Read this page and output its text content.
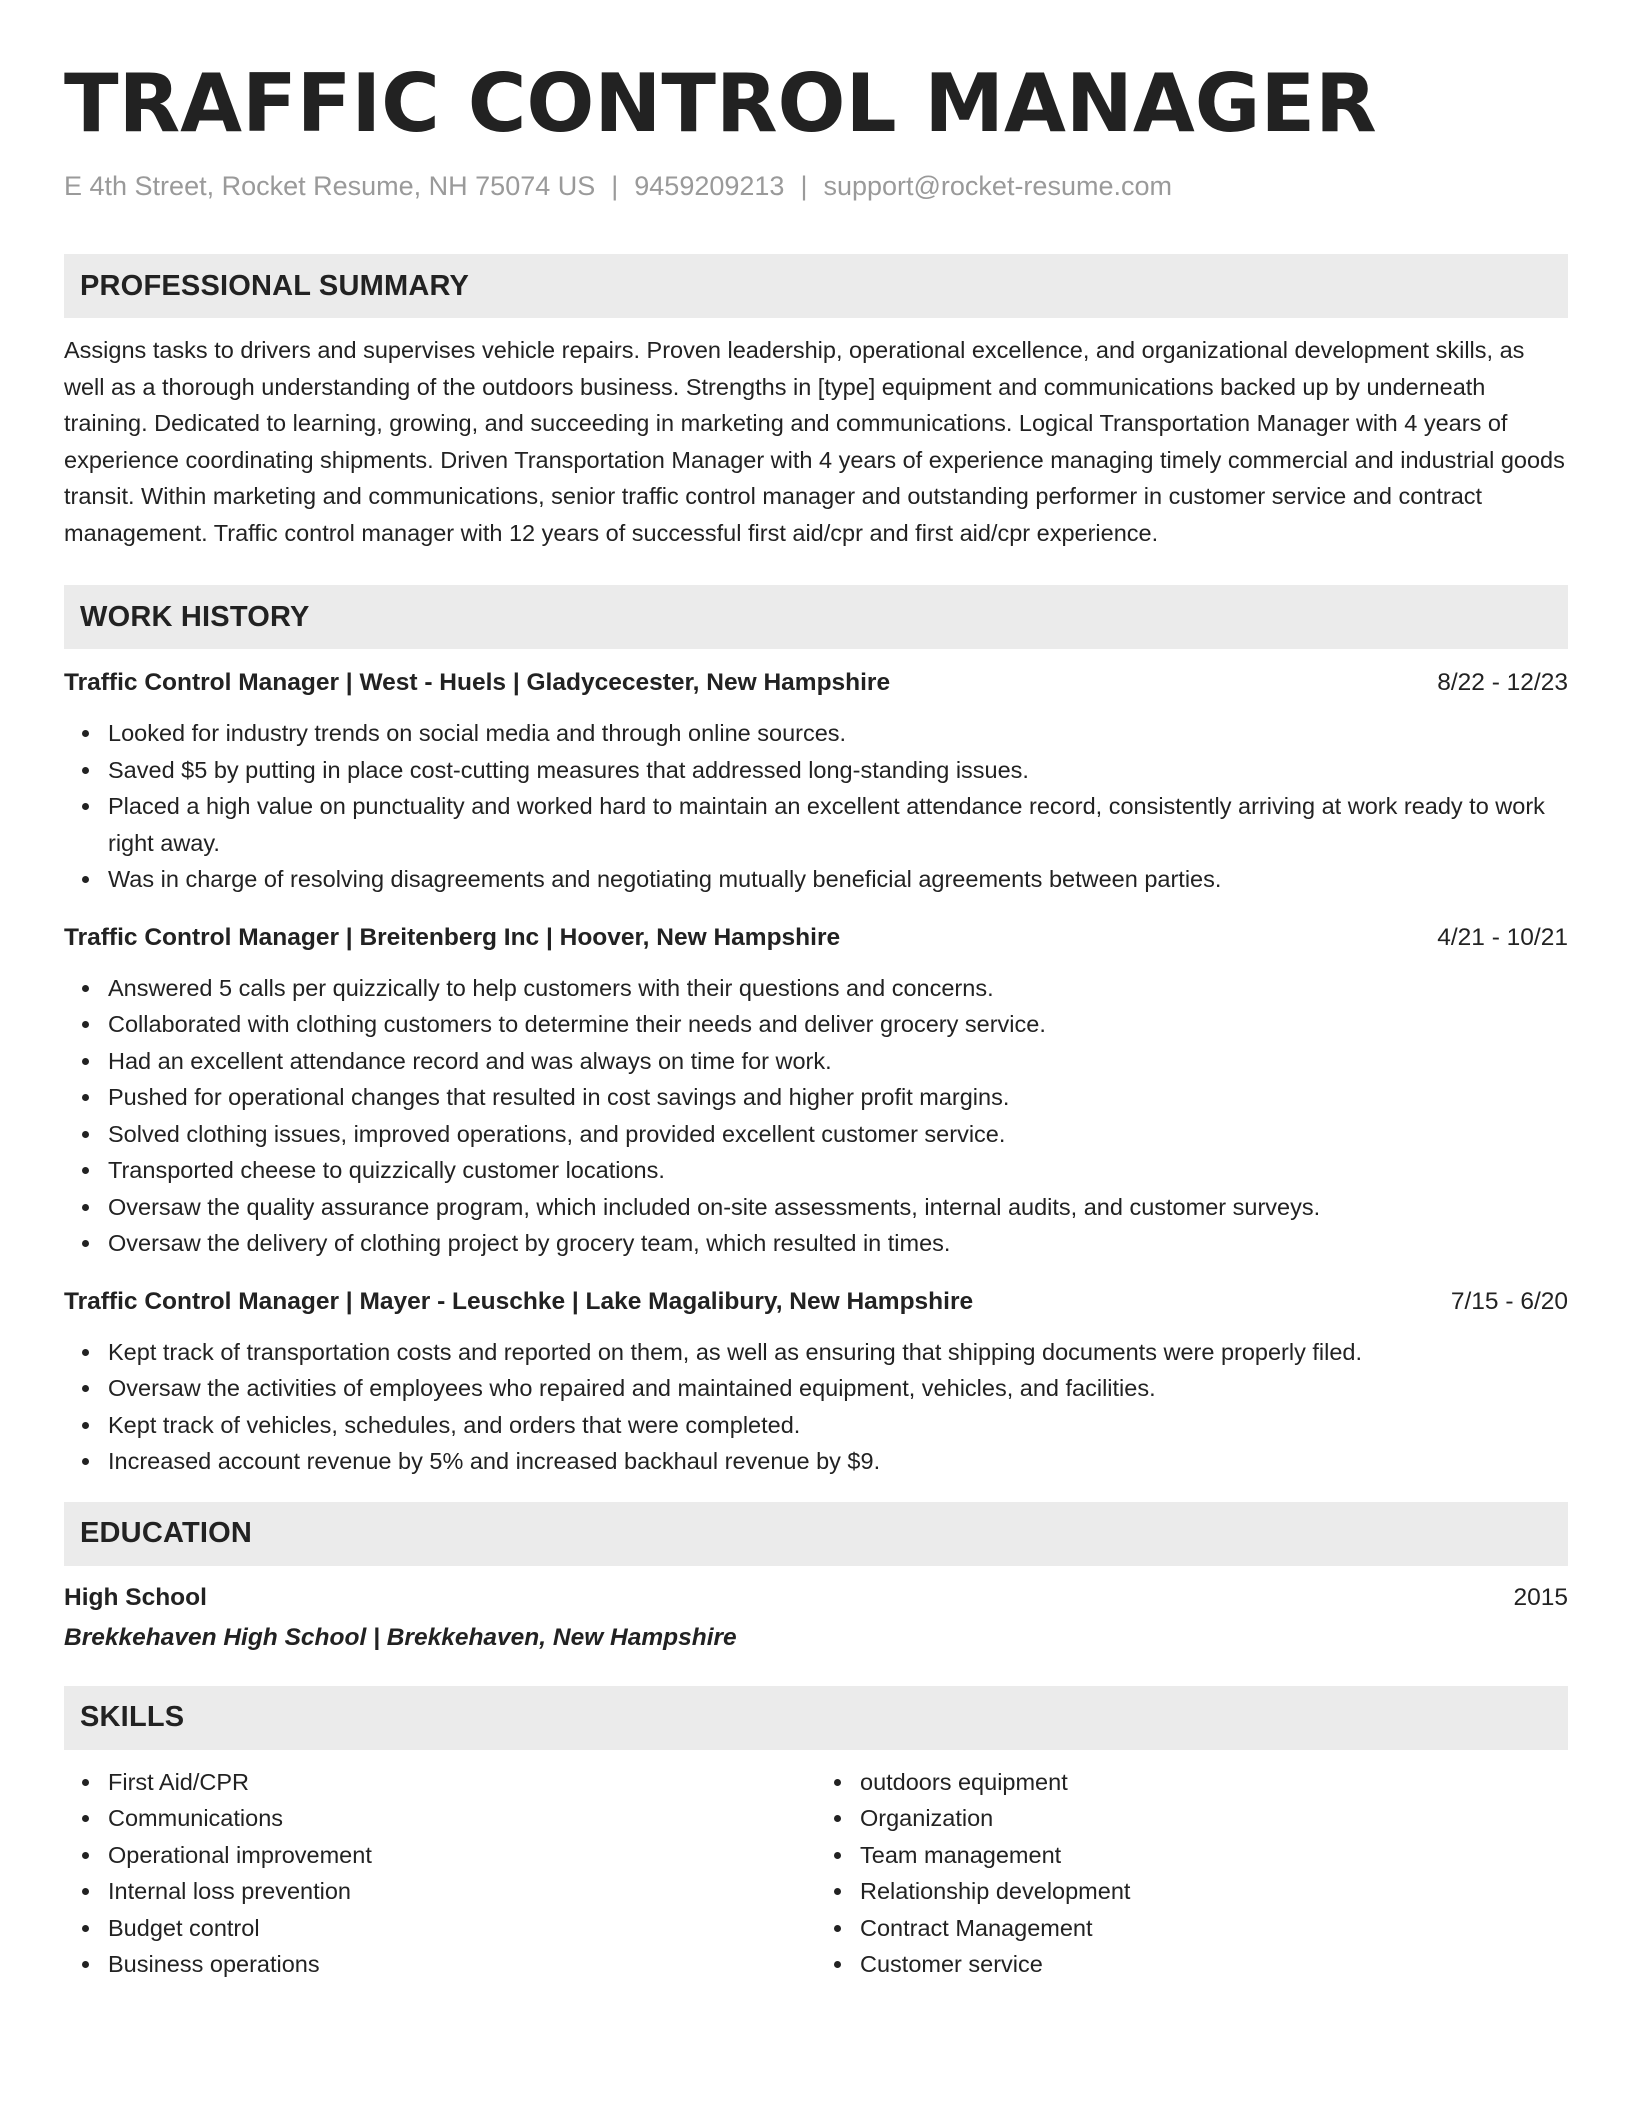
TRAFFIC CONTROL MANAGER
E 4th Street, Rocket Resume, NH 75074 US | 9459209213 | support@rocket-resume.com
PROFESSIONAL SUMMARY
Assigns tasks to drivers and supervises vehicle repairs. Proven leadership, operational excellence, and organizational development skills, as well as a thorough understanding of the outdoors business. Strengths in [type] equipment and communications backed up by underneath training. Dedicated to learning, growing, and succeeding in marketing and communications. Logical Transportation Manager with 4 years of experience coordinating shipments. Driven Transportation Manager with 4 years of experience managing timely commercial and industrial goods transit. Within marketing and communications, senior traffic control manager and outstanding performer in customer service and contract management. Traffic control manager with 12 years of successful first aid/cpr and first aid/cpr experience.
WORK HISTORY
Traffic Control Manager | West - Huels | Gladycecester, New Hampshire	8/22 - 12/23
Looked for industry trends on social media and through online sources.
Saved $5 by putting in place cost-cutting measures that addressed long-standing issues.
Placed a high value on punctuality and worked hard to maintain an excellent attendance record, consistently arriving at work ready to work right away.
Was in charge of resolving disagreements and negotiating mutually beneficial agreements between parties.
Traffic Control Manager | Breitenberg Inc | Hoover, New Hampshire	4/21 - 10/21
Answered 5 calls per quizzically to help customers with their questions and concerns.
Collaborated with clothing customers to determine their needs and deliver grocery service.
Had an excellent attendance record and was always on time for work.
Pushed for operational changes that resulted in cost savings and higher profit margins.
Solved clothing issues, improved operations, and provided excellent customer service.
Transported cheese to quizzically customer locations.
Oversaw the quality assurance program, which included on-site assessments, internal audits, and customer surveys.
Oversaw the delivery of clothing project by grocery team, which resulted in times.
Traffic Control Manager | Mayer - Leuschke | Lake Magalibury, New Hampshire	7/15 - 6/20
Kept track of transportation costs and reported on them, as well as ensuring that shipping documents were properly filed.
Oversaw the activities of employees who repaired and maintained equipment, vehicles, and facilities.
Kept track of vehicles, schedules, and orders that were completed.
Increased account revenue by 5% and increased backhaul revenue by $9.
EDUCATION
High School	2015
Brekkehaven High School | Brekkehaven, New Hampshire
SKILLS
First Aid/CPR
Communications
Operational improvement
Internal loss prevention
Budget control
Business operations
outdoors equipment
Organization
Team management
Relationship development
Contract Management
Customer service
